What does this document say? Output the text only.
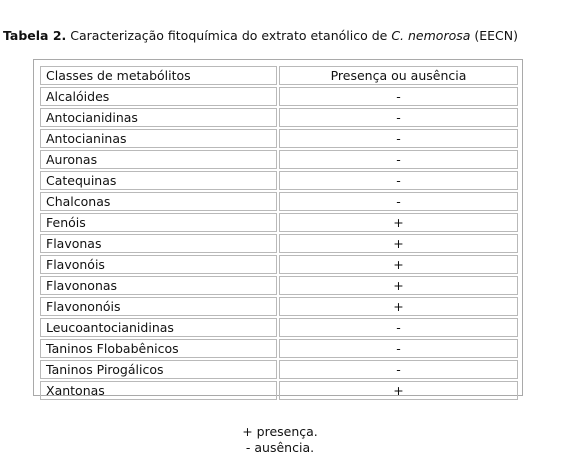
Tabela 2. Caracterização fitoquímica do extrato etanólico de C. nemorosa (EECN)
Classes de metabólitos	Presença ou ausência
Alcalóides	-
Antocianidinas	-
Antocianinas	-
Auronas	-
Catequinas	-
Chalconas	-
Fenóis	+
Flavonas	+
Flavonóis	+
Flavononas	+
Flavononóis	+
Leucoantocianidinas	-
Taninos Flobabênicos	-
Taninos Pirogálicos	-
Xantonas	+
+ presença.
- ausência.
